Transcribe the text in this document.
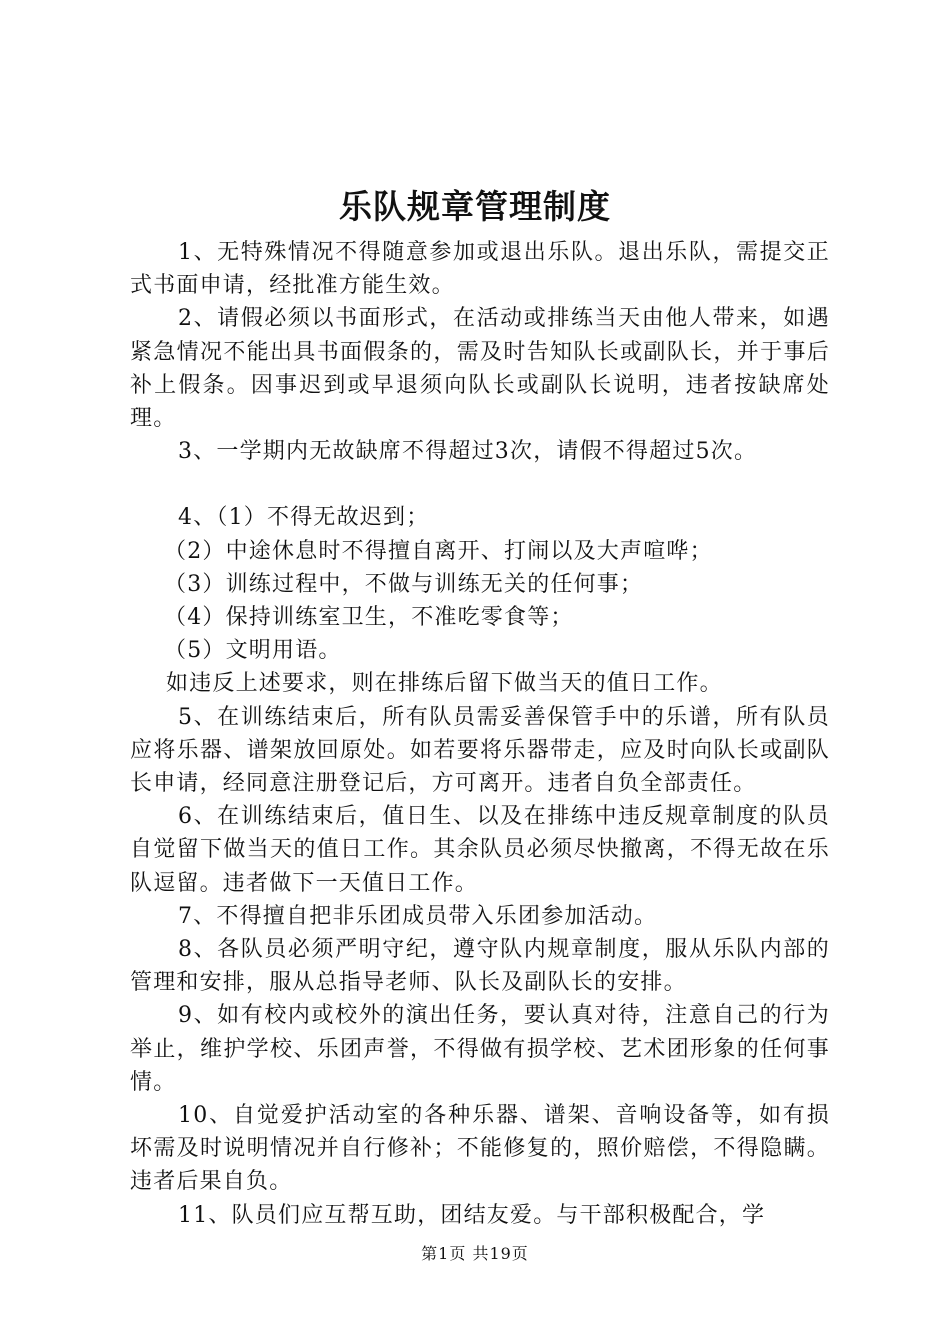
乐队规章管理制度

1、无特殊情况不得随意参加或退出乐队。退出乐队，需提交正式书面申请，经批准方能生效。

2、请假必须以书面形式，在活动或排练当天由他人带来，如遇紧急情况不能出具书面假条的，需及时告知队长或副队长，并于事后补上假条。因事迟到或早退须向队长或副队长说明，违者按缺席处理。

3、一学期内无故缺席不得超过3次，请假不得超过5次。

4、（1）不得无故迟到；

（2）中途休息时不得擅自离开、打闹以及大声喧哗；

（3）训练过程中，不做与训练无关的任何事；

（4）保持训练室卫生，不准吃零食等；

（5）文明用语。

如违反上述要求，则在排练后留下做当天的值日工作。

5、在训练结束后，所有队员需妥善保管手中的乐谱，所有队员应将乐器、谱架放回原处。如若要将乐器带走，应及时向队长或副队长申请，经同意注册登记后，方可离开。违者自负全部责任。

6、在训练结束后，值日生、以及在排练中违反规章制度的队员自觉留下做当天的值日工作。其余队员必须尽快撤离，不得无故在乐队逗留。违者做下一天值日工作。

7、不得擅自把非乐团成员带入乐团参加活动。

8、各队员必须严明守纪，遵守队内规章制度，服从乐队内部的管理和安排，服从总指导老师、队长及副队长的安排。

9、如有校内或校外的演出任务，要认真对待，注意自己的行为举止，维护学校、乐团声誉，不得做有损学校、艺术团形象的任何事情。

10、自觉爱护活动室的各种乐器、谱架、音响设备等，如有损坏需及时说明情况并自行修补；不能修复的，照价赔偿，不得隐瞒。违者后果自负。

11、队员们应互帮互助，团结友爱。与干部积极配合，学

第1页 共19页
